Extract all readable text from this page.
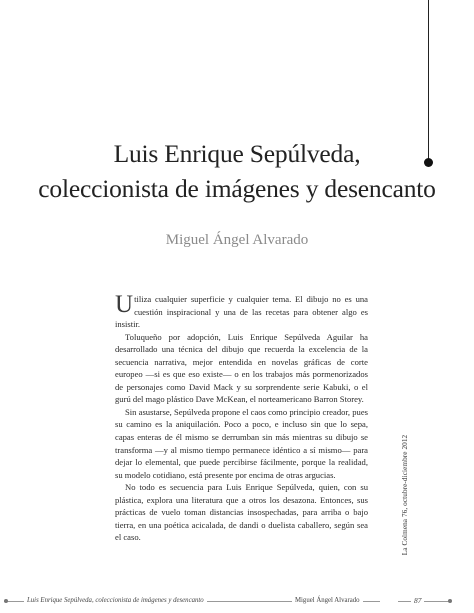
Luis Enrique Sepúlveda,
coleccionista de imágenes y desencanto
Miguel Ángel Alvarado

Utiliza cualquier superficie y cualquier tema. El dibujo no es una cuestión inspiracional y una de las recetas para obtener algo es insistir.

Toluqueño por adopción, Luis Enrique Sepúlveda Aguilar ha desarrollado una técnica del dibujo que recuerda la excelencia de la secuencia narrativa, mejor entendida en novelas gráficas de corte europeo —si es que eso existe— o en los trabajos más pormenorizados de personajes como David Mack y su sorprendente serie Kabuki, o el gurú del mago plástico Dave McKean, el norteamericano Barron Storey.

Sin asustarse, Sepúlveda propone el caos como principio creador, pues su camino es la aniquilación. Poco a poco, e incluso sin que lo sepa, capas enteras de él mismo se derrumban sin más mientras su dibujo se transforma —y al mismo tiempo permanece idéntico a sí mismo— para dejar lo elemental, que puede percibirse fácilmente, porque la realidad, su modelo cotidiano, está presente por encima de otras argucias.

No todo es secuencia para Luis Enrique Sepúlveda, quien, con su plástica, explora una literatura que a otros los desazona. Entonces, sus prácticas de vuelo toman distancias insospechadas, para arriba o bajo tierra, en una poética acicalada, de dandi o duelista caballero, según sea el caso.	La Colmena 76, octubre-diciembre 2012
Luis Enrique Sepúlveda, coleccionista de imágenes y desencanto	Miguel Ángel Alvarado	87
